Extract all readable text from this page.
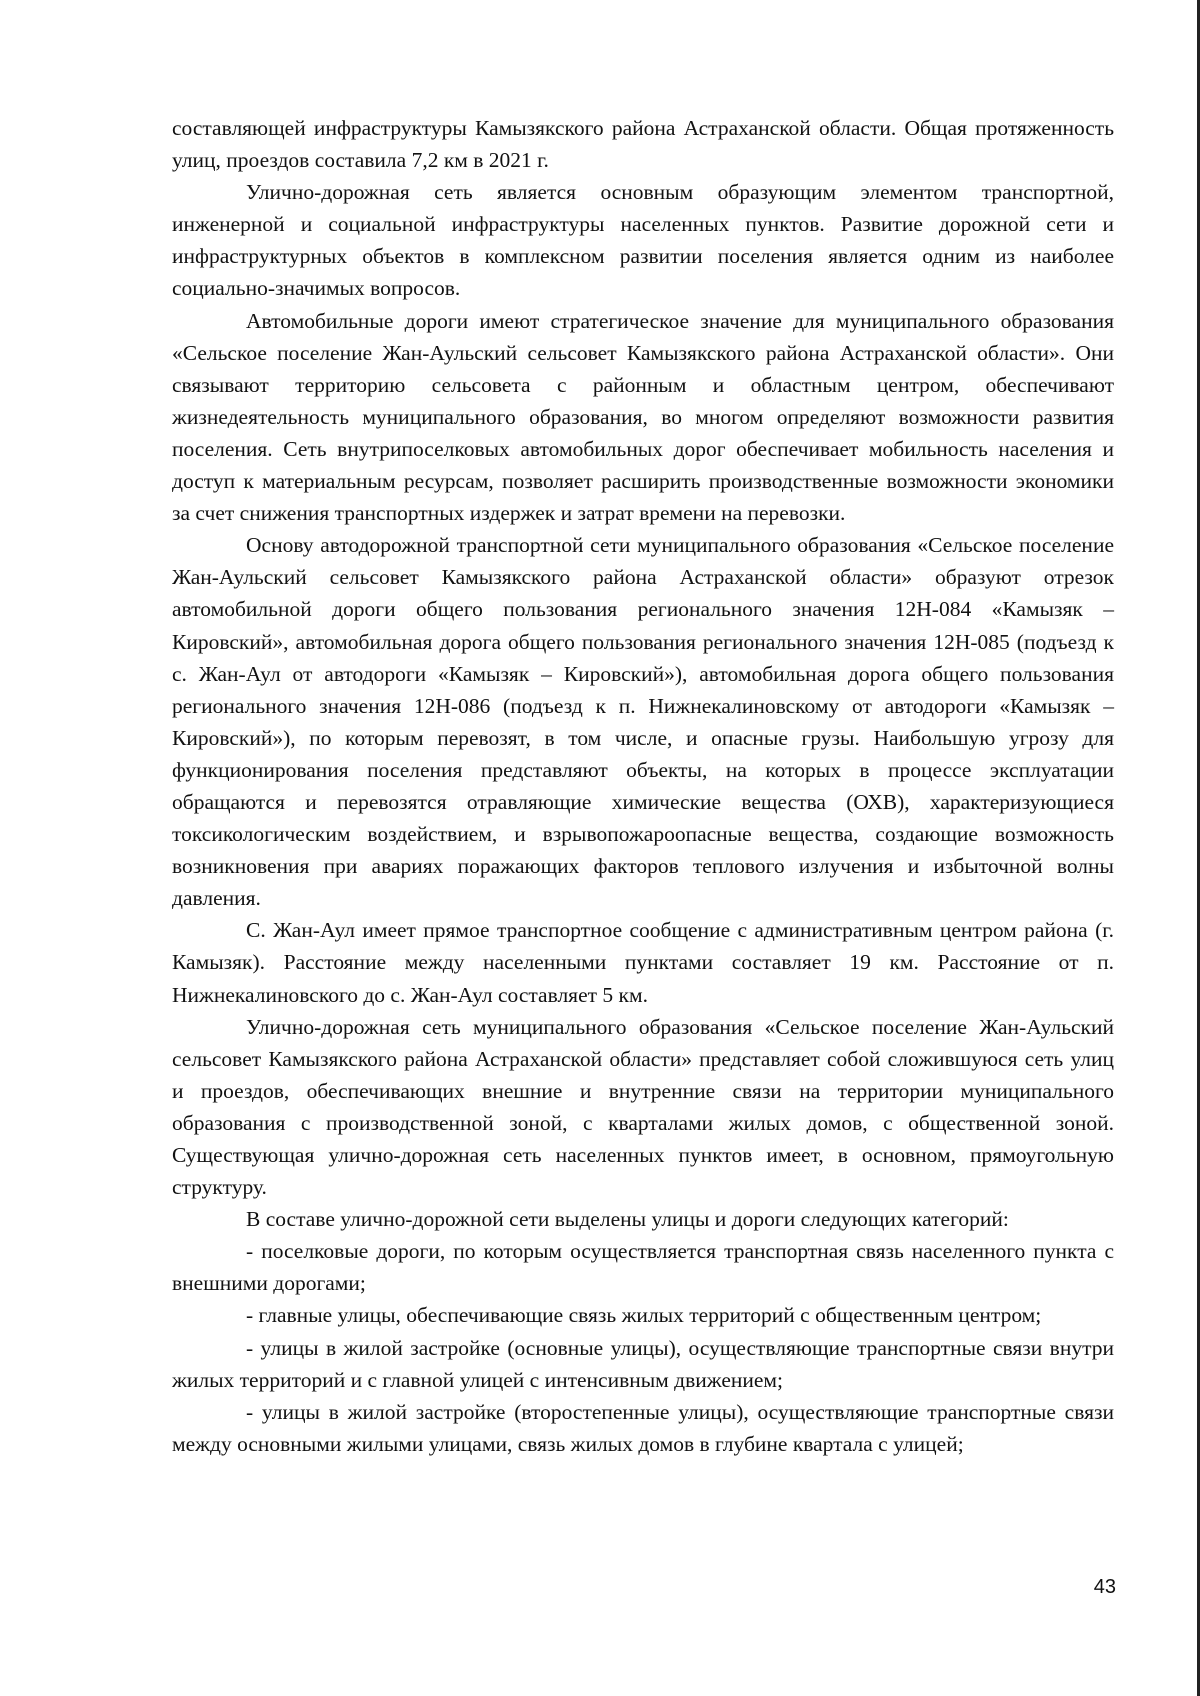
составляющей инфраструктуры Камызякского района Астраханской области. Общая протяженность улиц, проездов составила 7,2 км в 2021 г.

Улично-дорожная сеть является основным образующим элементом транспортной, инженерной и социальной инфраструктуры населенных пунктов. Развитие дорожной сети и инфраструктурных объектов в комплексном развитии поселения является одним из наиболее социально-значимых вопросов.

Автомобильные дороги имеют стратегическое значение для муниципального образования «Сельское поселение Жан-Аульский сельсовет Камызякского района Астраханской области». Они связывают территорию сельсовета с районным и областным центром, обеспечивают жизнедеятельность муниципального образования, во многом определяют возможности развития поселения. Сеть внутрипоселковых автомобильных дорог обеспечивает мобильность населения и доступ к материальным ресурсам, позволяет расширить производственные возможности экономики за счет снижения транспортных издержек и затрат времени на перевозки.

Основу автодорожной транспортной сети муниципального образования «Сельское поселение Жан-Аульский сельсовет Камызякского района Астраханской области» образуют отрезок автомобильной дороги общего пользования регионального значения 12Н-084 «Камызяк – Кировский», автомобильная дорога общего пользования регионального значения 12Н-085 (подъезд к с. Жан-Аул от автодороги «Камызяк – Кировский»), автомобильная дорога общего пользования регионального значения 12Н-086 (подъезд к п. Нижнекалиновскому от автодороги «Камызяк – Кировский»), по которым перевозят, в том числе, и опасные грузы. Наибольшую угрозу для функционирования поселения представляют объекты, на которых в процессе эксплуатации обращаются и перевозятся отравляющие химические вещества (ОХВ), характеризующиеся токсикологическим воздействием, и взрывопожароопасные вещества, создающие возможность возникновения при авариях поражающих факторов теплового излучения и избыточной волны давления.

С. Жан-Аул имеет прямое транспортное сообщение с административным центром района (г. Камызяк). Расстояние между населенными пунктами составляет 19 км. Расстояние от п. Нижнекалиновского до с. Жан-Аул составляет 5 км.

Улично-дорожная сеть муниципального образования «Сельское поселение Жан-Аульский сельсовет Камызякского района Астраханской области» представляет собой сложившуюся сеть улиц и проездов, обеспечивающих внешние и внутренние связи на территории муниципального образования с производственной зоной, с кварталами жилых домов, с общественной зоной. Существующая улично-дорожная сеть населенных пунктов имеет, в основном, прямоугольную структуру.

В составе улично-дорожной сети выделены улицы и дороги следующих категорий:

- поселковые дороги, по которым осуществляется транспортная связь населенного пункта с внешними дорогами;

- главные улицы, обеспечивающие связь жилых территорий с общественным центром;

- улицы в жилой застройке (основные улицы), осуществляющие транспортные связи внутри жилых территорий и с главной улицей с интенсивным движением;

- улицы в жилой застройке (второстепенные улицы), осуществляющие транспортные связи между основными жилыми улицами, связь жилых домов в глубине квартала с улицей;

43
